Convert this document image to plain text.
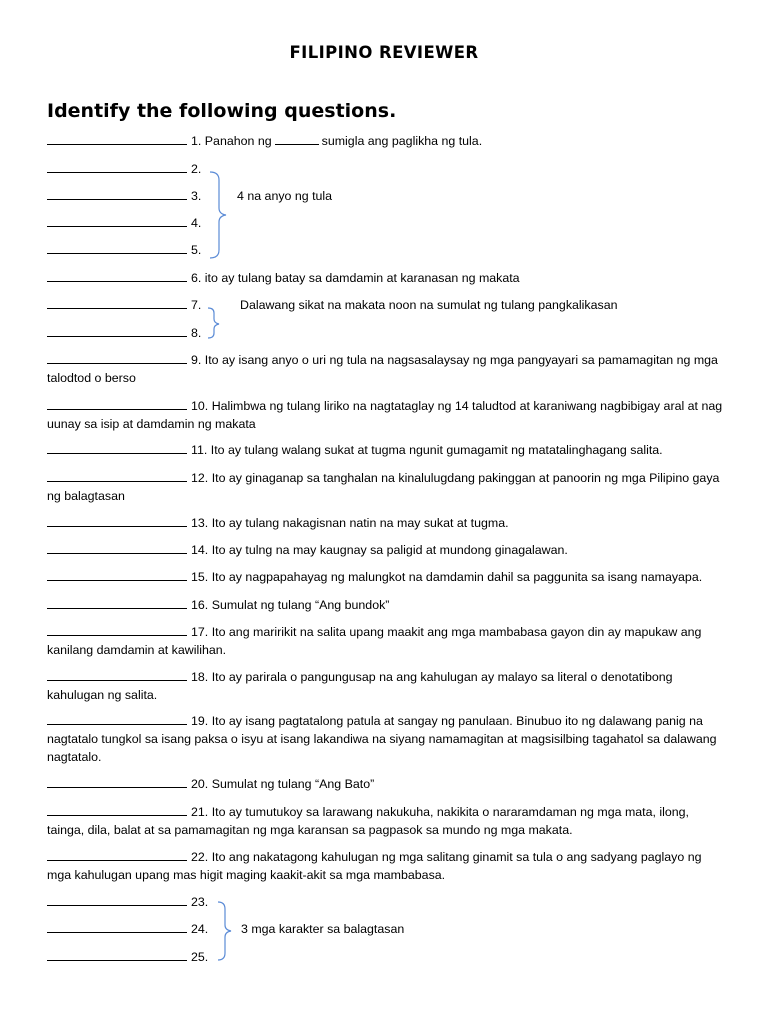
FILIPINO REVIEWER
Identify the following questions.
1. Panahon ng	sumigla ang paglikha ng tula.
2.
3.
4.
5.
4 na anyo ng tula
6. ito ay tulang batay sa damdamin at karanasan ng makata
7.
8.
Dalawang sikat na makata noon na sumulat ng tulang pangkalikasan
9. Ito ay isang anyo o uri ng tula na nagsasalaysay ng mga pangyayari sa pamamagitan ng mga talodtod o berso
10. Halimbwa ng tulang liriko na nagtataglay ng 14 taludtod at karaniwang nagbibigay aral at nag uunay sa isip at damdamin ng makata
11. Ito ay tulang walang sukat at tugma ngunit gumagamit ng matatalinghagang salita.
12. Ito ay ginaganap sa tanghalan na kinalulugdang pakinggan at panoorin ng mga Pilipino gaya ng balagtasan
13. Ito ay tulang nakagisnan natin na may sukat at tugma.
14. Ito ay tulng na may kaugnay sa paligid at mundong ginagalawan.
15. Ito ay nagpapahayag ng malungkot na damdamin dahil sa paggunita sa isang namayapa.
16. Sumulat ng tulang “Ang bundok”
17. Ito ang maririkit na salita upang maakit ang mga mambabasa gayon din ay mapukaw ang kanilang damdamin at kawilihan.
18. Ito ay parirala o pangungusap na ang kahulugan ay malayo sa literal o denotatibong kahulugan ng salita.
19. Ito ay isang pagtatalong patula at sangay ng panulaan. Binubuo ito ng dalawang panig na nagtatalo tungkol sa isang paksa o isyu at isang lakandiwa na siyang namamagitan at magsisilbing tagahatol sa dalawang nagtatalo.
20. Sumulat ng tulang “Ang Bato”
21. Ito ay tumutukoy sa larawang nakukuha, nakikita o nararamdaman ng mga mata, ilong, tainga, dila, balat at sa pamamagitan ng mga karansan sa pagpasok sa mundo ng mga makata.
22. Ito ang nakatagong kahulugan ng mga salitang ginamit sa tula o ang sadyang paglayo ng mga kahulugan upang mas higit maging kaakit-akit sa mga mambabasa.
23.
24.
25.
3 mga karakter sa balagtasan
